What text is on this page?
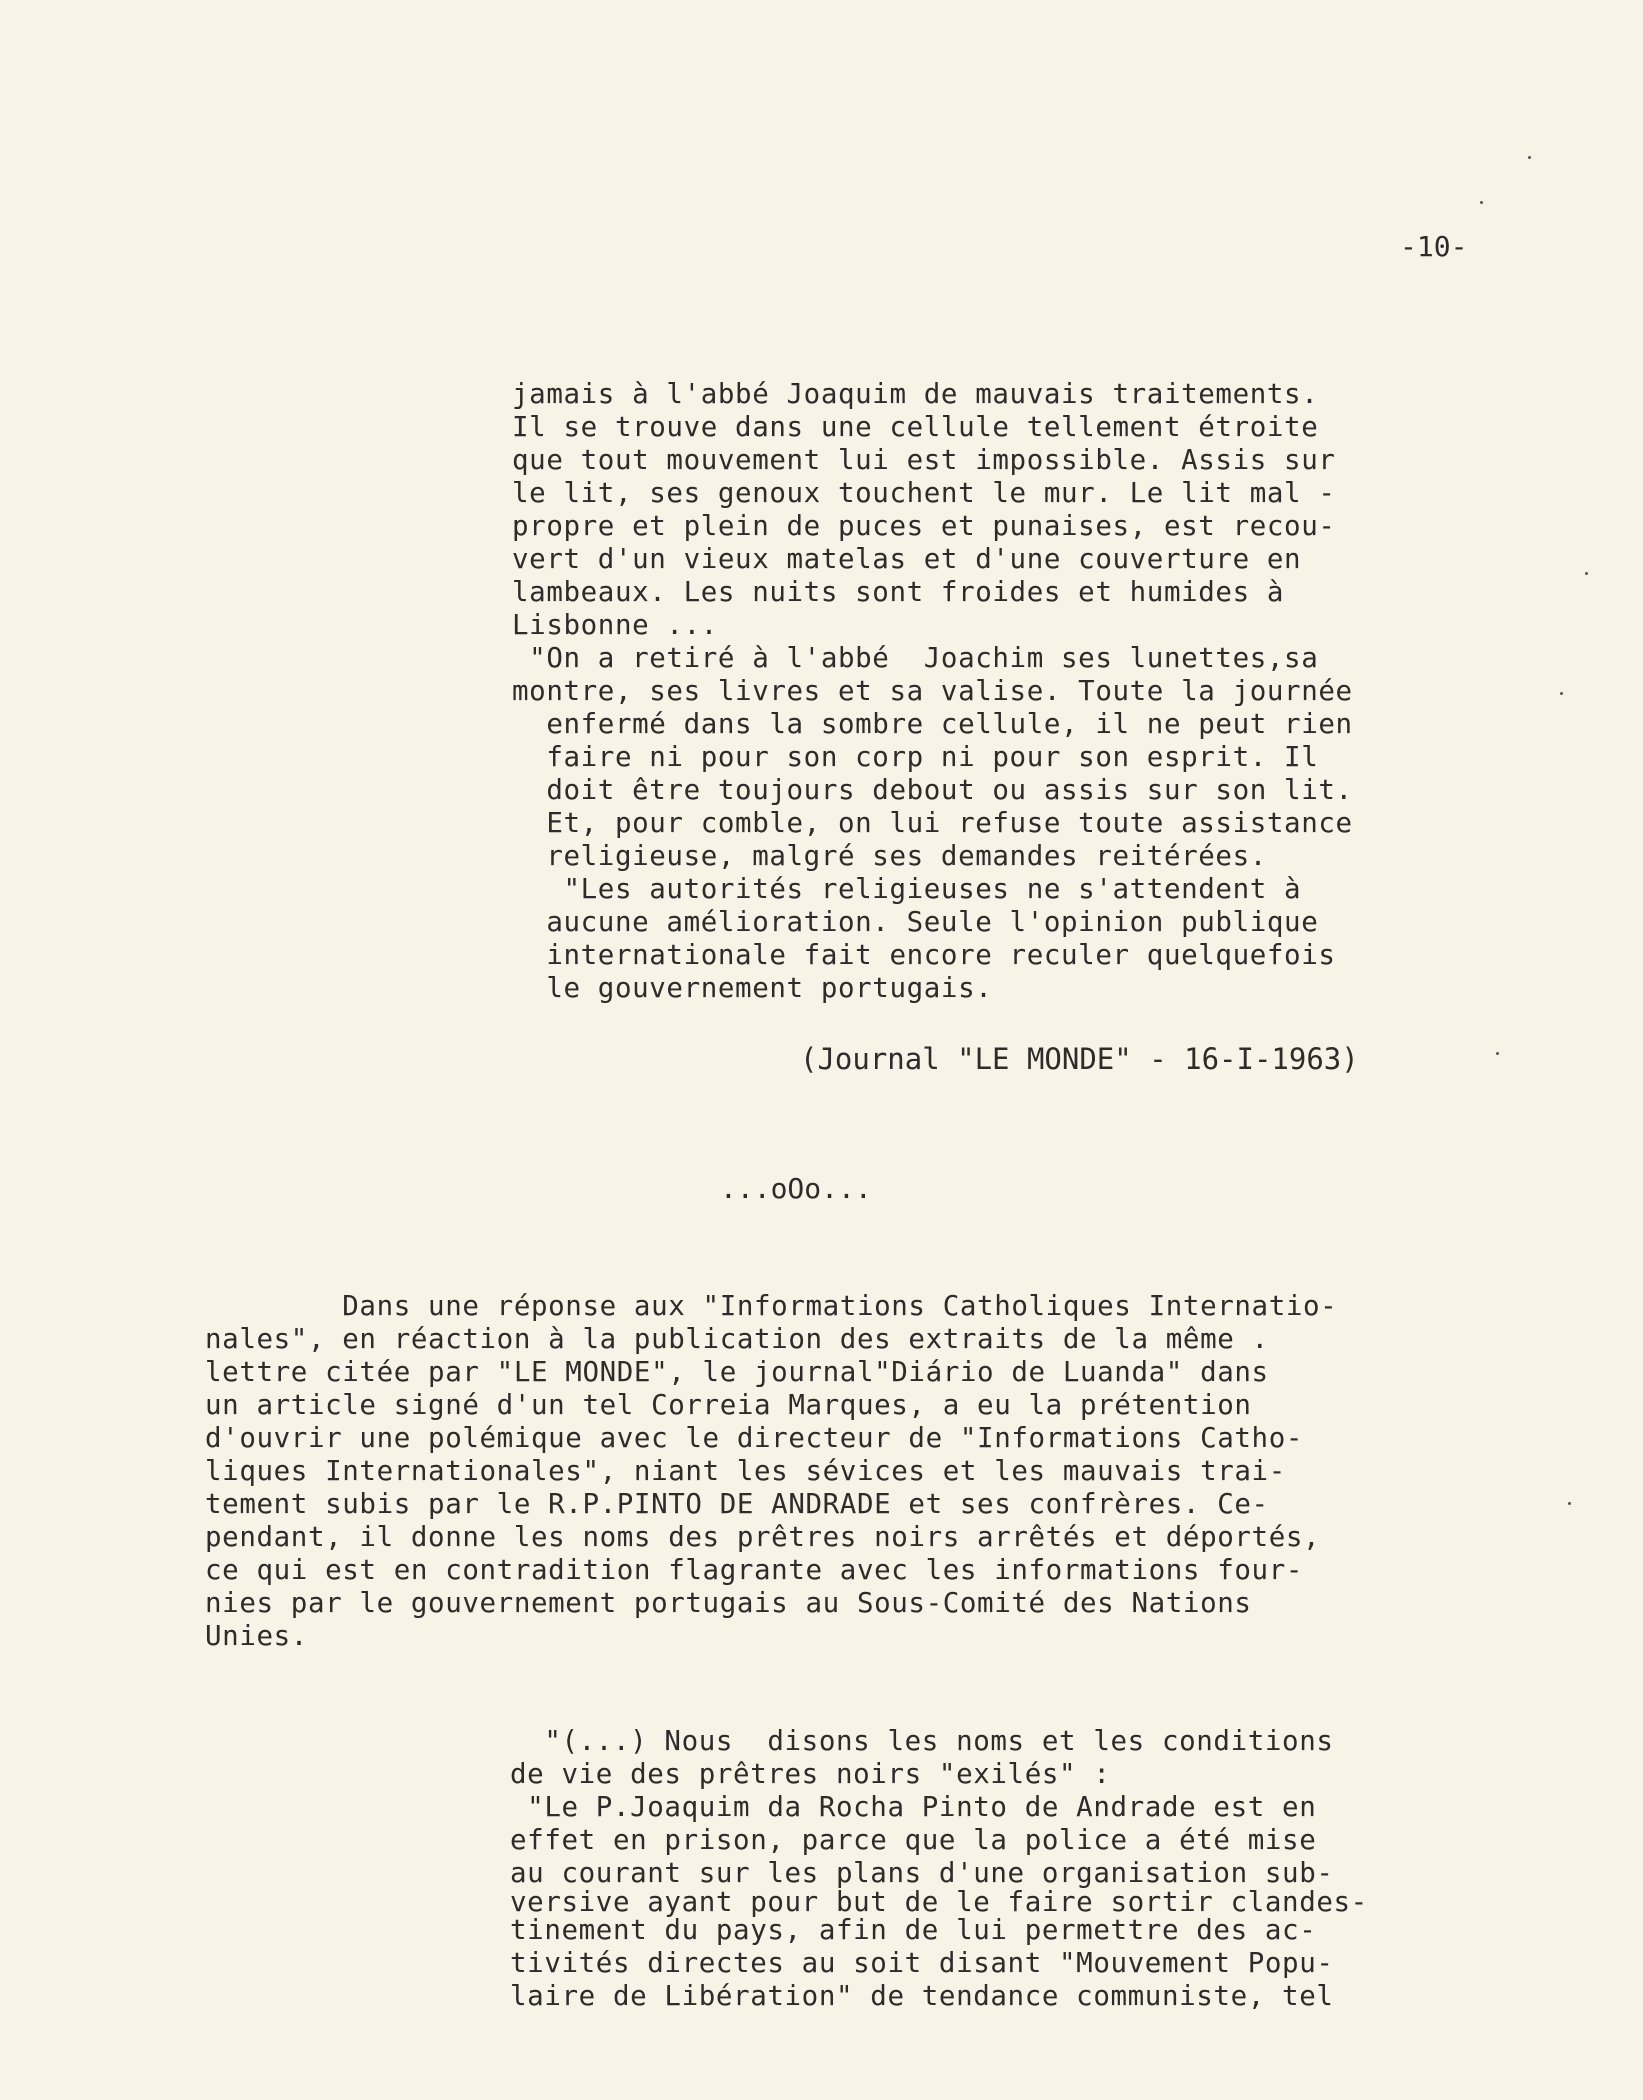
-10-
jamais à l'abbé Joaquim de mauvais traitements.
Il se trouve dans une cellule tellement étroite
que tout mouvement lui est impossible. Assis sur
le lit, ses genoux touchent le mur. Le lit mal -
propre et plein de puces et punaises, est recou-
vert d'un vieux matelas et d'une couverture en
lambeaux. Les nuits sont froides et humides à
Lisbonne ...
"On a retiré à l'abbé  Joachim ses lunettes,sa
montre, ses livres et sa valise. Toute la journée
enfermé dans la sombre cellule, il ne peut rien
faire ni pour son corp ni pour son esprit. Il
doit être toujours debout ou assis sur son lit.
Et, pour comble, on lui refuse toute assistance
religieuse, malgré ses demandes reitérées.
"Les autorités religieuses ne s'attendent à
aucune amélioration. Seule l'opinion publique
internationale fait encore reculer quelquefois
le gouvernement portugais.
(Journal "LE MONDE" - 16-I-1963)
...oOo...
Dans une réponse aux "Informations Catholiques Internatio-
nales", en réaction à la publication des extraits de la même .
lettre citée par "LE MONDE", le journal"Diário de Luanda" dans
un article signé d'un tel Correia Marques, a eu la prétention
d'ouvrir une polémique avec le directeur de "Informations Catho-
liques Internationales", niant les sévices et les mauvais trai-
tement subis par le R.P.PINTO DE ANDRADE et ses confrères. Ce-
pendant, il donne les noms des prêtres noirs arrêtés et déportés,
ce qui est en contradition flagrante avec les informations four-
nies par le gouvernement portugais au Sous-Comité des Nations
Unies.
"(...) Nous  disons les noms et les conditions
de vie des prêtres noirs "exilés" :
"Le P.Joaquim da Rocha Pinto de Andrade est en
effet en prison, parce que la police a été mise
au courant sur les plans d'une organisation sub-
versive ayant pour but de le faire sortir clandes-
tinement du pays, afin de lui permettre des ac-
tivités directes au soit disant "Mouvement Popu-
laire de Libération" de tendance communiste, tel
